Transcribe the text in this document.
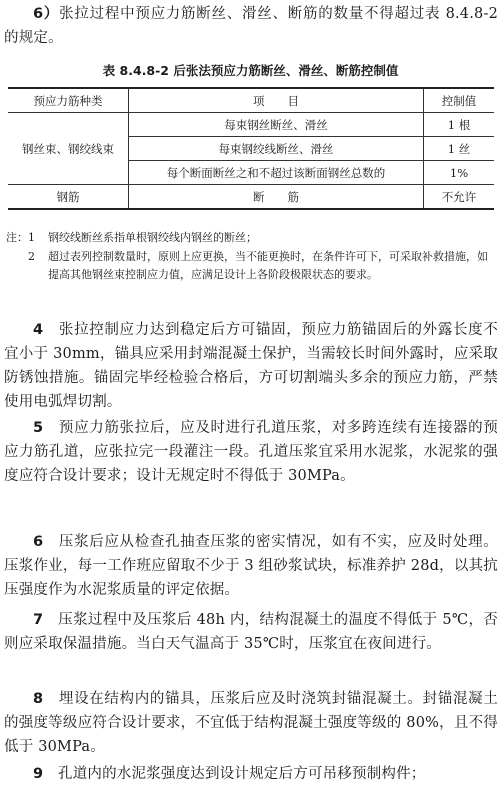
6）张拉过程中预应力筋断丝、滑丝、断筋的数量不得超过表 8.4.8-2 的规定。
表 8.4.8-2 后张法预应力筋断丝、滑丝、断筋控制值
预应力筋种类	项　　目	控制值
钢丝束、钢绞线束	每束钢丝断丝、滑丝	1 根
	每束钢绞线断丝、滑丝	1 丝
	每个断面断丝之和不超过该断面钢丝总数的	1%
钢筋	断　　筋	不允许
注： 1	钢绞线断丝系指单根钢绞线内钢丝的断丝；
2	超过表列控制数量时，原则上应更换，当不能更换时，在条件许可下，可采取补救措施，如提高其他钢丝束控制应力值，应满足设计上各阶段极限状态的要求。
4　 张拉控制应力达到稳定后方可锚固，预应力筋锚固后的外露长度不宜小于 30mm，锚具应采用封端混凝土保护，当需较长时间外露时，应采取防锈蚀措施。锚固完毕经检验合格后，方可切割端头多余的预应力筋，严禁使用电弧焊切割。
5　 预应力筋张拉后，应及时进行孔道压浆，对多跨连续有连接器的预应力筋孔道，应张拉完一段灌注一段。孔道压浆宜采用水泥浆，水泥浆的强度应符合设计要求；设计无规定时不得低于 30MPa。
6　 压浆后应从检查孔抽查压浆的密实情况，如有不实，应及时处理。压浆作业，每一工作班应留取不少于 3 组砂浆试块，标准养护 28d，以其抗压强度作为水泥浆质量的评定依据。
7　 压浆过程中及压浆后 48h 内，结构混凝土的温度不得低于 5℃，否则应采取保温措施。当白天气温高于 35℃时，压浆宜在夜间进行。
8　 埋设在结构内的锚具，压浆后应及时浇筑封锚混凝土。封锚混凝土的强度等级应符合设计要求，不宜低于结构混凝土强度等级的 80%，且不得低于 30MPa。
9　 孔道内的水泥浆强度达到设计规定后方可吊移预制构件；
